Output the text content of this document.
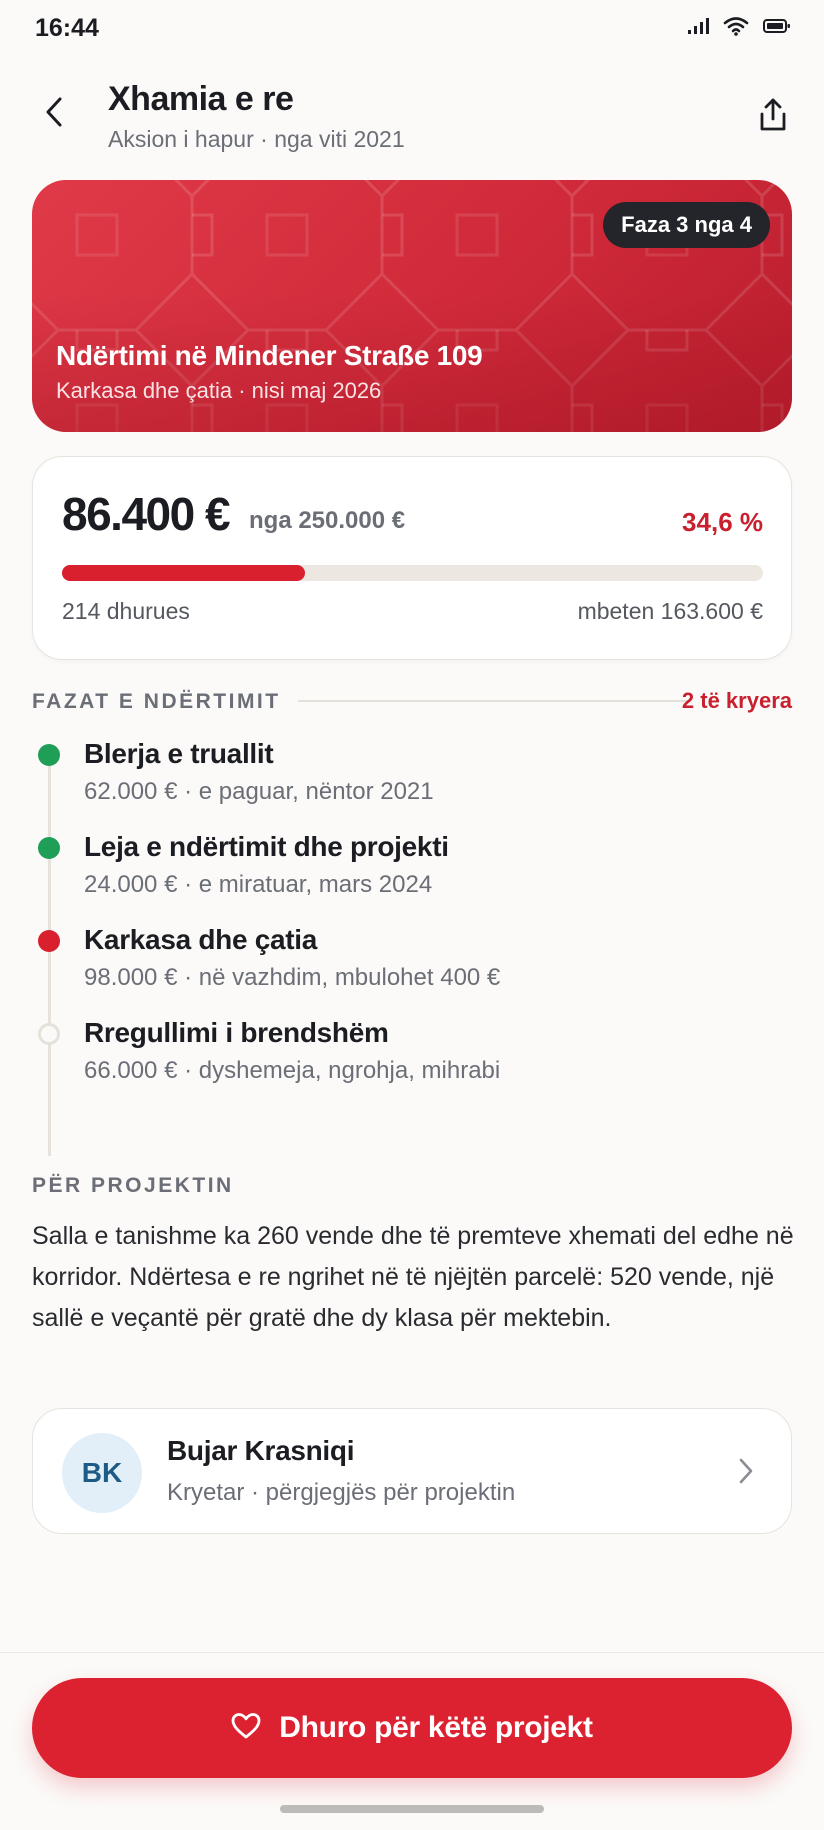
16:44
Xhamia e re
Aksion i hapur · nga viti 2021
Faza 3 nga 4
Ndërtimi në Mindener Straße 109
Karkasa dhe çatia · nisi maj 2026
86.400 € nga 250.000 €	34,6 %
214 dhurues	mbeten 163.600 €
FAZAT E NDËRTIMIT	2 të kryera
Blerja e truallit
62.000 € · e paguar, nëntor 2021
Leja e ndërtimit dhe projekti
24.000 € · e miratuar, mars 2024
Karkasa dhe çatia
98.000 € · në vazhdim, mbulohet 400 €
Rregullimi i brendshëm
66.000 € · dyshemeja, ngrohja, mihrabi
PËR PROJEKTIN
Salla e tanishme ka 260 vende dhe të premteve xhemati del edhe në korridor. Ndërtesa e re ngrihet në të njëjtën parcelë: 520 vende, një sallë e veçantë për gratë dhe dy klasa për mektebin.
BK
Bujar Krasniqi
Kryetar · përgjegjës për projektin
Dhuro për këtë projekt
